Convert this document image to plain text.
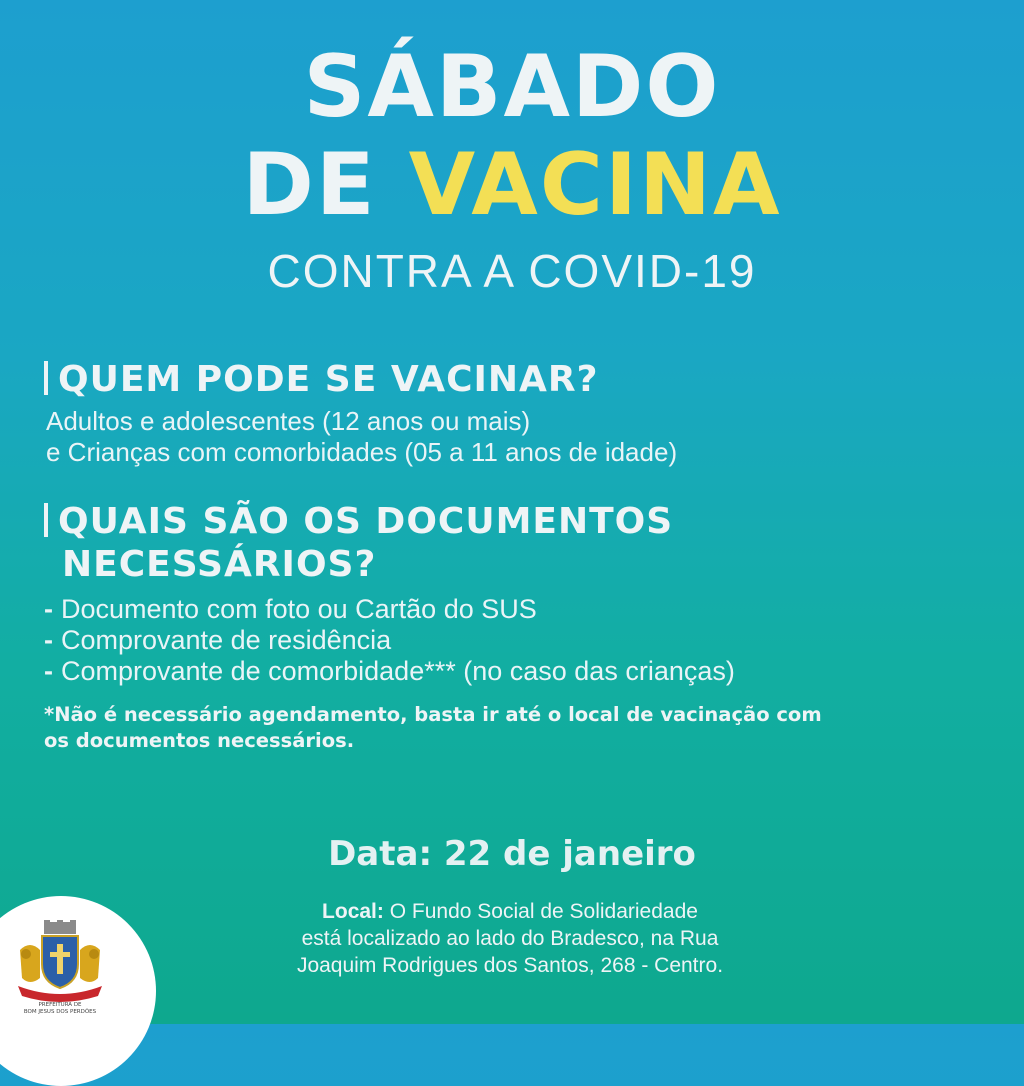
SÁBADO
DE VACINA
CONTRA A COVID-19
QUEM PODE SE VACINAR?
Adultos e adolescentes (12 anos ou mais)
e Crianças com comorbidades (05 a 11 anos de idade)
QUAIS SÃO OS DOCUMENTOS
NECESSÁRIOS?
- Documento com foto ou Cartão do SUS
- Comprovante de residência
- Comprovante de comorbidade*** (no caso das crianças)
*Não é necessário agendamento, basta ir até o local de vacinação com os documentos necessários.
Data: 22 de janeiro
Local: O Fundo Social de Solidariedade
está localizado ao lado do Bradesco, na Rua
Joaquim Rodrigues dos Santos, 268 - Centro.
PREFEITURA DE
BOM JESUS DOS PERDÕES
